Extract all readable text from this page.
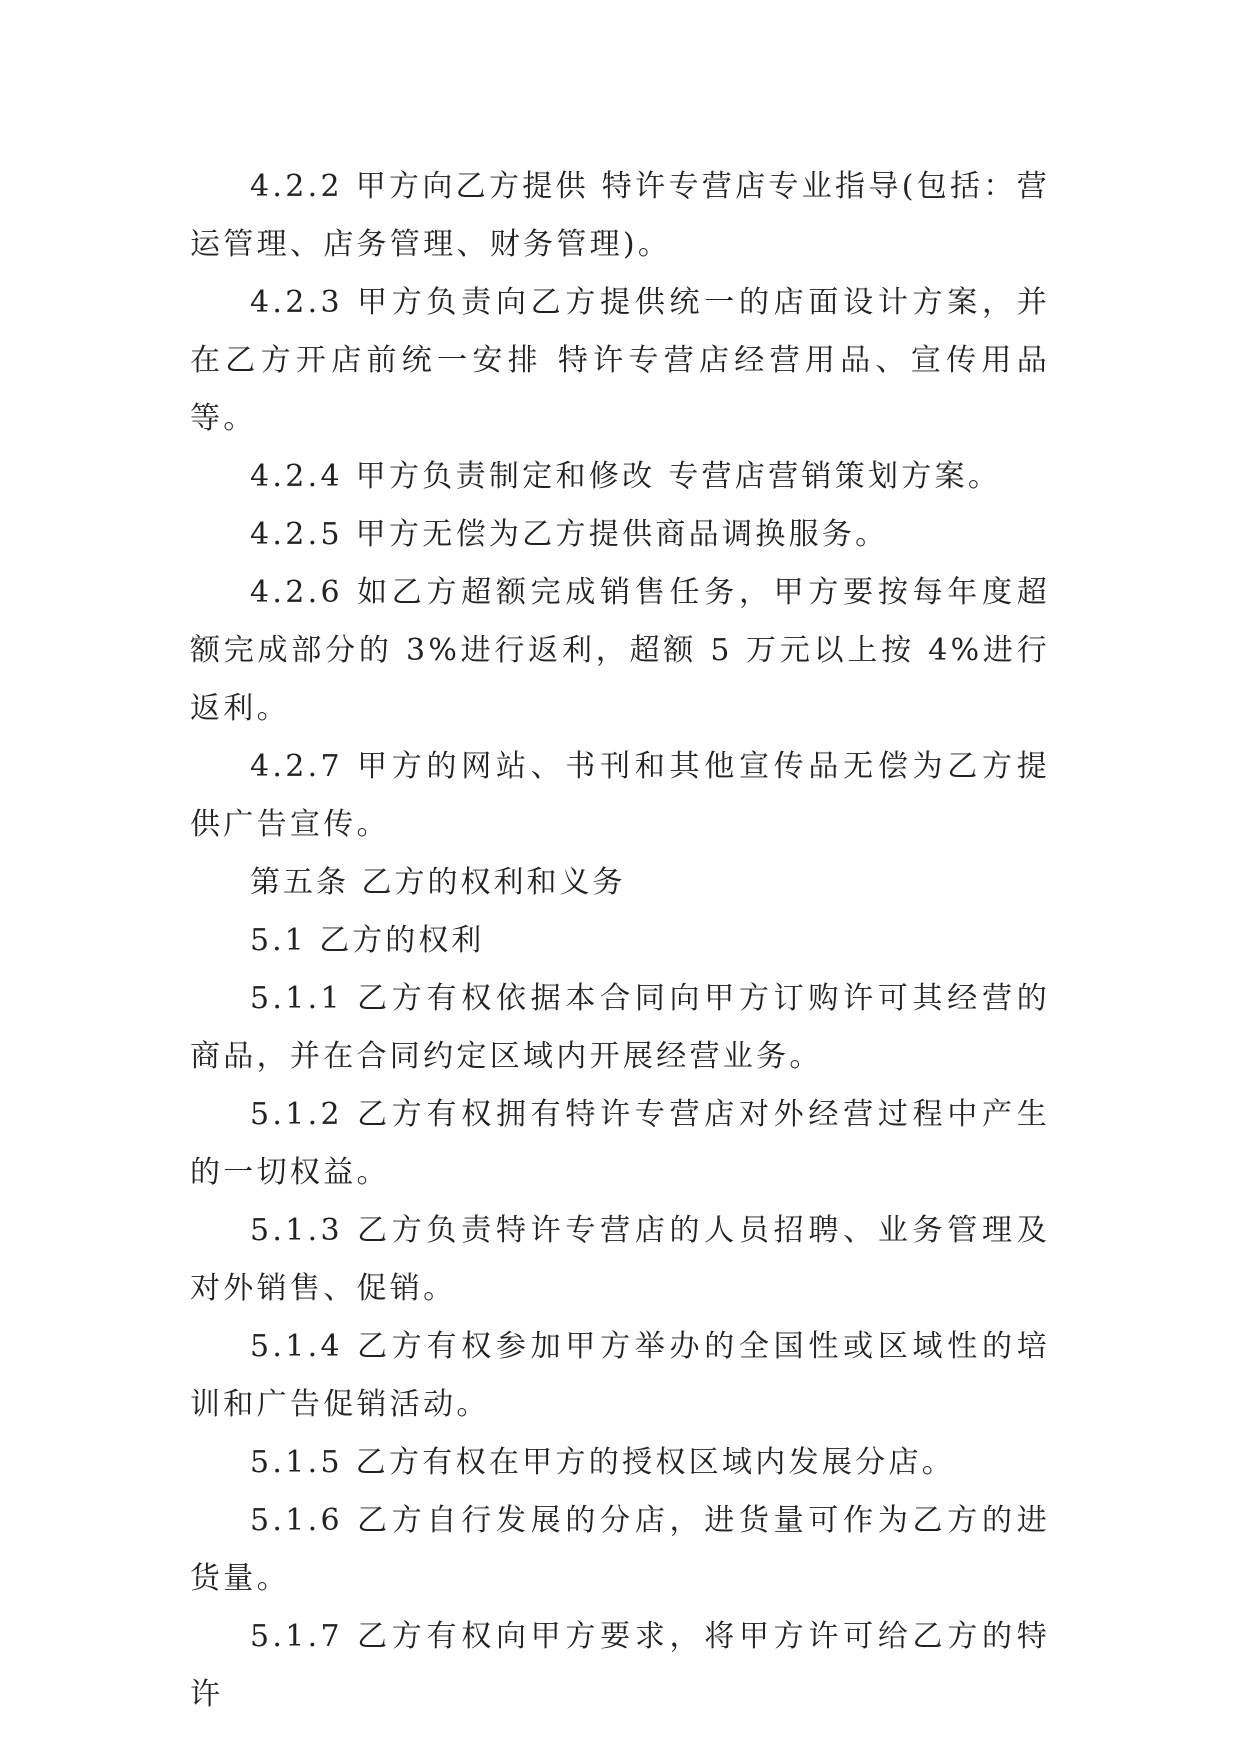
4.2.2 甲方向乙方提供 特许专营店专业指导(包括：营运管理、店务管理、财务管理)。

4.2.3 甲方负责向乙方提供统一的店面设计方案，并在乙方开店前统一安排 特许专营店经营用品、宣传用品等。

4.2.4 甲方负责制定和修改 专营店营销策划方案。

4.2.5 甲方无偿为乙方提供商品调换服务。

4.2.6 如乙方超额完成销售任务，甲方要按每年度超额完成部分的 3%进行返利，超额 5 万元以上按 4%进行返利。

4.2.7 甲方的网站、书刊和其他宣传品无偿为乙方提供广告宣传。

第五条 乙方的权利和义务

5.1 乙方的权利

5.1.1 乙方有权依据本合同向甲方订购许可其经营的商品，并在合同约定区域内开展经营业务。

5.1.2 乙方有权拥有特许专营店对外经营过程中产生的一切权益。

5.1.3 乙方负责特许专营店的人员招聘、业务管理及对外销售、促销。

5.1.4 乙方有权参加甲方举办的全国性或区域性的培训和广告促销活动。

5.1.5 乙方有权在甲方的授权区域内发展分店。

5.1.6 乙方自行发展的分店，进货量可作为乙方的进货量。

5.1.7 乙方有权向甲方要求，将甲方许可给乙方的特许
